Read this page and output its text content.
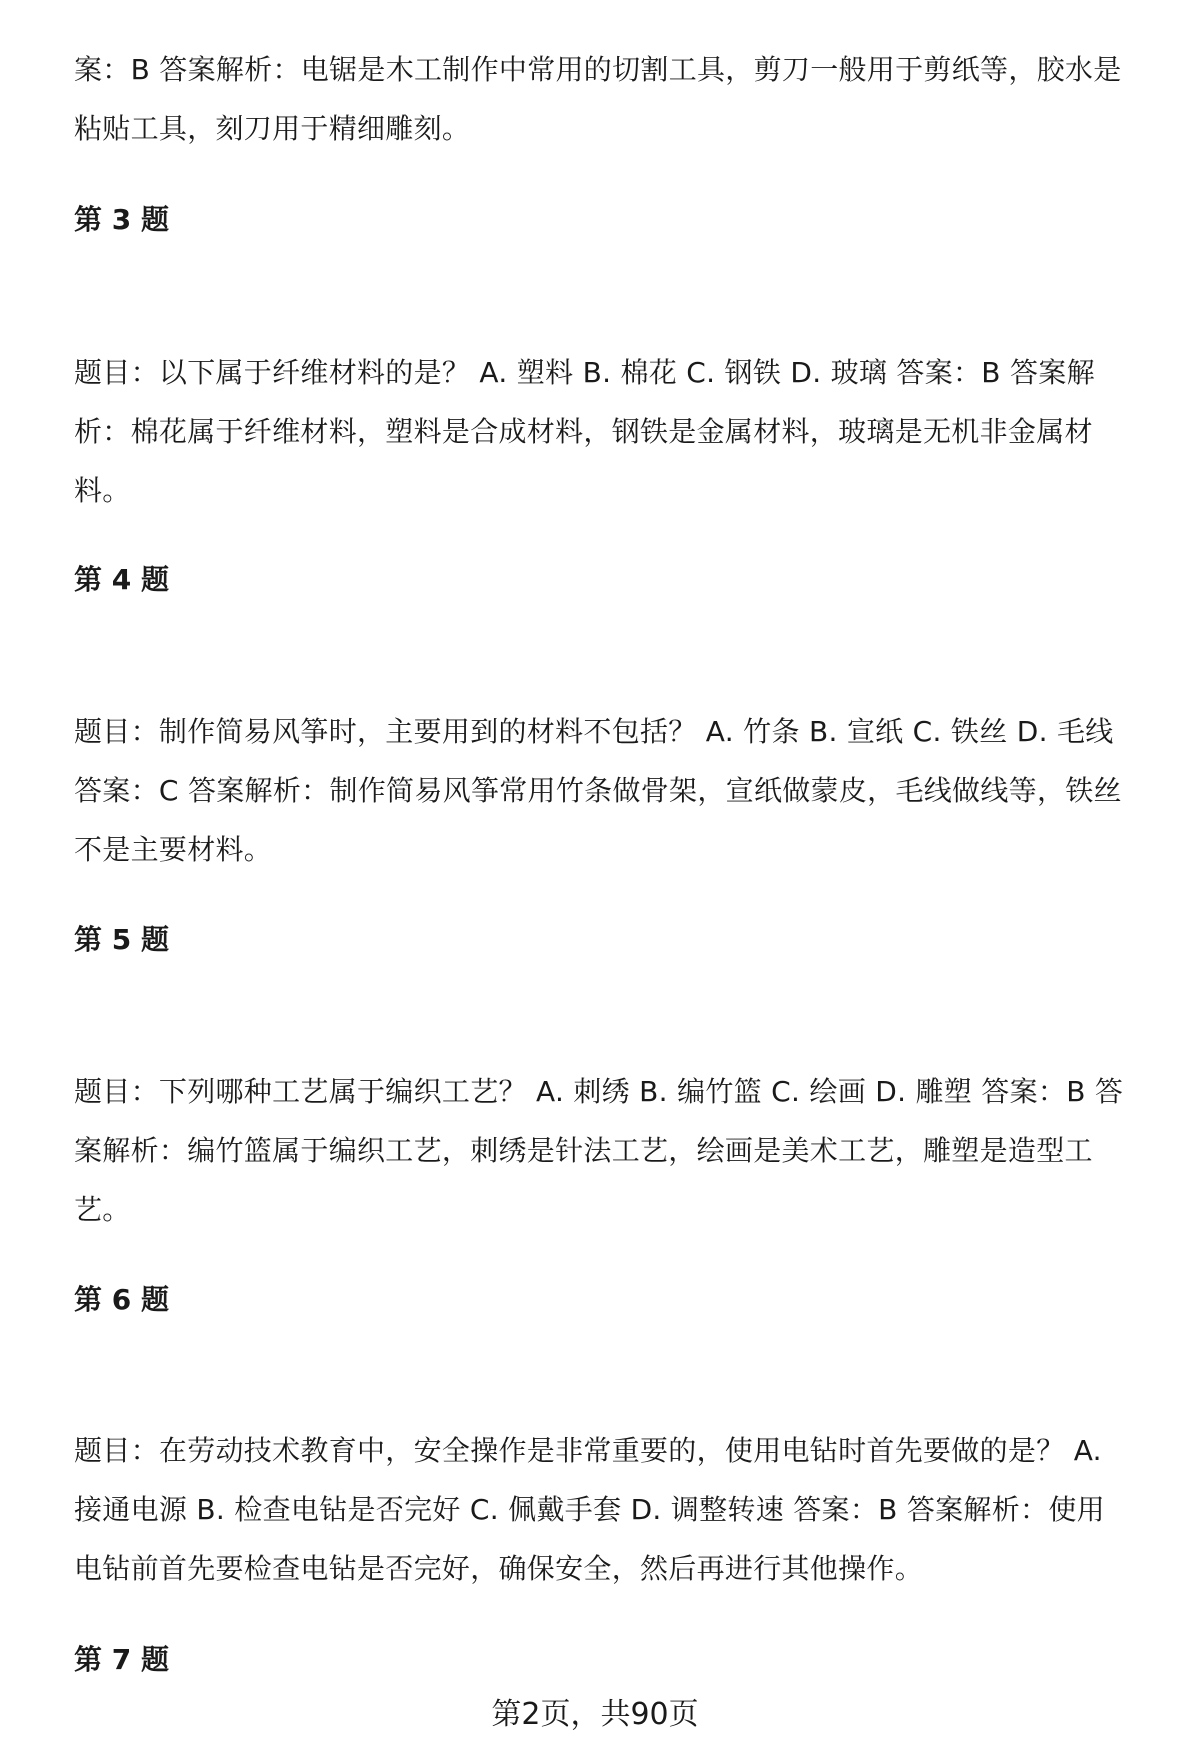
案：B 答案解析：电锯是木工制作中常用的切割工具，剪刀一般用于剪纸等，胶水是粘贴工具，刻刀用于精细雕刻。

第 3 题

题目：以下属于纤维材料的是？ A. 塑料 B. 棉花 C. 钢铁 D. 玻璃 答案：B 答案解析：棉花属于纤维材料，塑料是合成材料，钢铁是金属材料，玻璃是无机非金属材料。

第 4 题

题目：制作简易风筝时，主要用到的材料不包括？ A. 竹条 B. 宣纸 C. 铁丝 D. 毛线 答案：C 答案解析：制作简易风筝常用竹条做骨架，宣纸做蒙皮，毛线做线等，铁丝不是主要材料。

第 5 题

题目：下列哪种工艺属于编织工艺？ A. 刺绣 B. 编竹篮 C. 绘画 D. 雕塑 答案：B 答案解析：编竹篮属于编织工艺，刺绣是针法工艺，绘画是美术工艺，雕塑是造型工艺。

第 6 题

题目：在劳动技术教育中，安全操作是非常重要的，使用电钻时首先要做的是？ A. 接通电源 B. 检查电钻是否完好 C. 佩戴手套 D. 调整转速 答案：B 答案解析：使用电钻前首先要检查电钻是否完好，确保安全，然后再进行其他操作。

第 7 题

第2页，共90页
